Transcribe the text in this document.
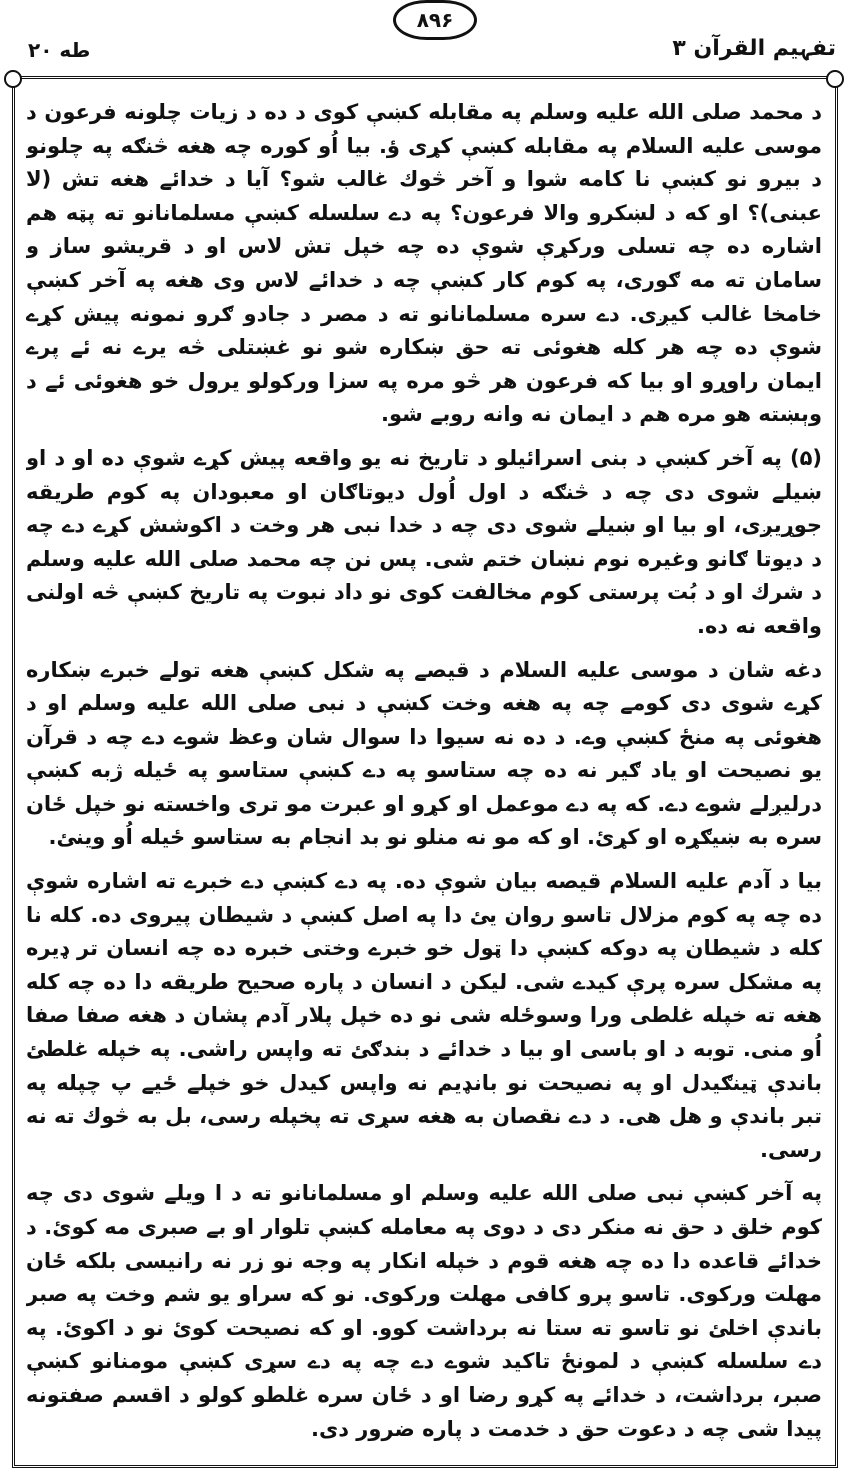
طه ۲۰
۸۹۶
تفہیم القرآن ۳

د محمد صلی الله علیه وسلم په مقابله کښې کوی د ده د زیات چلونه فرعون د موسی علیه السلام په مقابله کښې کړی ؤ. بیا اُو کوره چه هغه څنګه په چلونو د بیرو نو کښې نا کامه شوا و آخر څوك غالب شو؟ آیا د خدائے هغه تش (لا عبنی)؟ او که د لښکرو والا فرعون؟ په دے سلسله کښې مسلمانانو ته پټه هم اشاره ده چه تسلی ورکړې شوې ده چه خپل تش لاس او د قریشو ساز و سامان ته مه ګوری، په کوم کار کښې چه د خدائے لاس وی هغه په آخر کښې خامخا غالب کیږی. دے سره مسلمانانو ته د مصر د جادو ګرو نمونه پیش کړے شوې ده چه هر کله هغوئی ته حق ښکاره شو نو غښتلی څه یرے نه ئے پرے ایمان راوړو او بیا که فرعون هر څو مره په سزا ورکولو یرول خو هغوئی ئے د وېښته هو مره هم د ایمان نه وانه روبے شو.

(۵) په آخر کښې د بنی اسرائیلو د تاریخ نه یو واقعه پیش کړے شوې ده او د او ښیلے شوی دی چه د څنګه د اول اُول دیوتاګان او معبودان په کوم طریقه جوړیږی، او بیا او ښیلے شوی دی چه د خدا نبی هر وخت د اکوشش کړے دے چه د دیوتا ګانو وغیره نوم نښان ختم شی. پس نن چه محمد صلی الله علیه وسلم د شرك او د بُت پرستی کوم مخالفت کوی نو داد نبوت په تاریخ کښې څه اولنی واقعه نه ده.

دغه شان د موسی علیه السلام د قیصے په شکل کښې هغه تولے خبرے ښکاره کړے شوی دی کومے چه په هغه وخت کښې د نبی صلی الله علیه وسلم او د هغوئی په منځ کښې وے. د ده نه سیوا دا سوال شان وعظ شوے دے چه د قرآن یو نصیحت او یاد ګیر نه ده چه ستاسو په دے کښې ستاسو په ځیله ژبه کښې درلیږلے شوے دے. که په دے موعمل او کړو او عبرت مو تری واخسته نو خپل ځان سره به ښیګړه او کړئ. او که مو نه منلو نو بد انجام به ستاسو ځیله اُو وینئ.

بیا د آدم علیه السلام قیصه بیان شوې ده. په دے کښې دے خبرے ته اشاره شوې ده چه په کوم مزلال تاسو روان یئ دا په اصل کښې د شیطان پیروی ده. کله نا کله د شیطان په دوکه کښې دا ټول خو خبرے وختی خبره ده چه انسان تر ډیره په مشکل سره پرې کیدے شی. لیکن د انسان د پاره صحیح طریقه دا ده چه کله هغه ته خپله غلطی ورا وسوځله شی نو ده خپل پلار آدم پشان د هغه صفا صفا اُو منی. توبه د او باسی او بیا د خدائے د بندګئ ته واپس راشی. په خپله غلطئ باندې ټینګیدل او په نصیحت نو بانډیم نه واپس کیدل خو خپلے ځیے پ چپله په تبر باندې و هل هی. د دے نقصان به هغه سړی ته پخپله رسی، بل به څوك ته نه رسی.

په آخر کښې نبی صلی الله علیه وسلم او مسلمانانو ته د ا ویلے شوی دی چه کوم خلق د حق نه منکر دی د دوی په معامله کښې تلوار او بے صبری مه کوئ. د خدائے قاعده دا ده چه هغه قوم د خپله انکار په وجه نو زر نه رانیسی بلکه ځان مهلت ورکوی. تاسو پرو کافی مهلت ورکوی. نو که سراو یو شم وخت په صبر باندې اخلئ نو تاسو ته ستا نه برداشت کوو. او که نصیحت کوئ نو د اکوئ. په دے سلسله کښې د لمونځ تاکید شوے دے چه په دے سړی کښې مومنانو کښې صبر، برداشت، د خدائے په کړو رضا او د ځان سره غلطو کولو د اقسم صفتونه پیدا شی چه د دعوت حق د خدمت د پاره ضرور دی.
